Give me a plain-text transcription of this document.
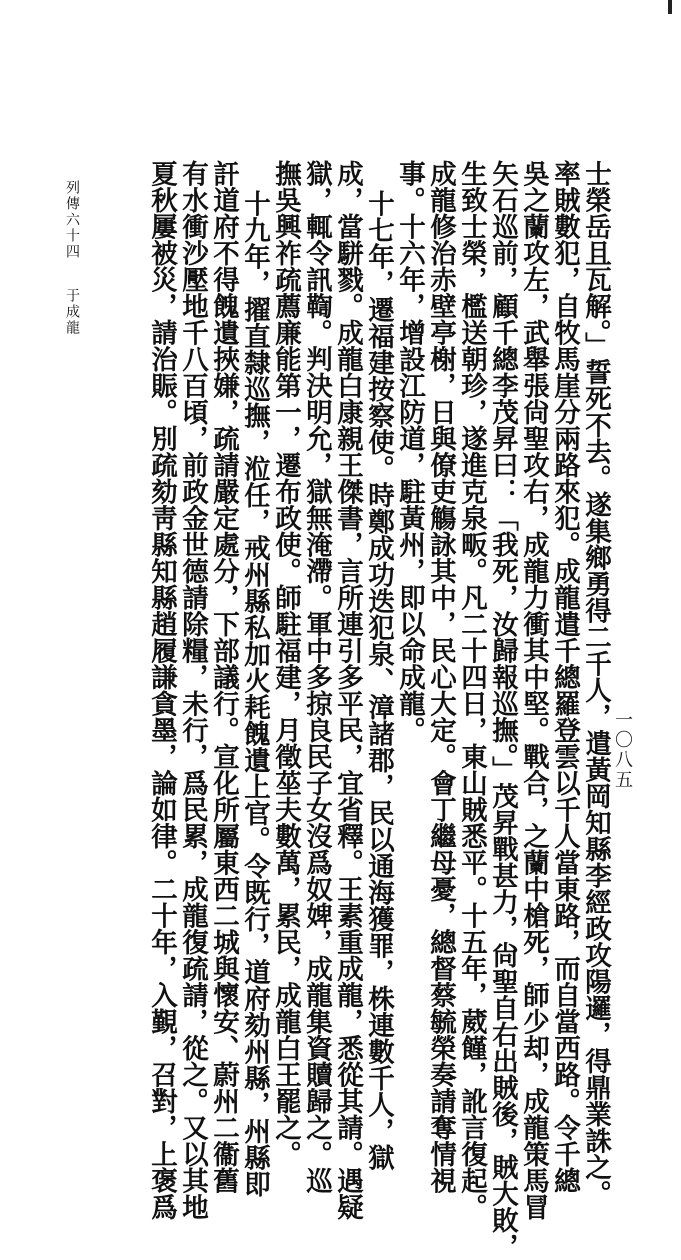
列傳六十四于成龍	士榮岳且瓦解。」誓死不去。遂集鄉勇得二千人，遣黃岡知縣李經政攻陽邏，得鼎業誅之。
率賊數犯，自牧馬崖分兩路來犯。成龍遣千總羅登雲以千人當東路，而自當西路。令千總
吳之蘭攻左，武舉張尙聖攻右，成龍力衝其中堅。戰合，之蘭中槍死，師少却，成龍策馬冒
矢石巡前，顧千總李茂昇曰：「我死，汝歸報巡撫。」茂昇戰甚力，尙聖自右出賊後，賊大敗，
生致士榮，檻送朝珍，遂進克泉畈。凡二十四日，東山賊悉平。十五年，葳饉，訛言復起。
成龍修治赤壁亭榭，日與僚吏觴詠其中，民心大定。會丁繼母憂，總督蔡毓榮奏請奪情視
事。十六年，增設江防道，駐黃州，即以命成龍。
十七年，遷福建按察使。時鄭成功迭犯泉、漳諸郡，民以通海獲罪，株連數千人，獄
成，當駢戮。成龍白康親王傑書，言所連引多平民，宜省釋。王素重成龍，悉從其請。遇疑
獄，輒令訊鞫。判決明允，獄無淹滯。軍中多掠良民子女沒爲奴婢，成龍集資贖歸之。巡
撫吳興祚疏薦廉能第一，遷布政使。師駐福建，月徵莝夫數萬，累民，成龍白王罷之。
十九年，擢直隸巡撫，涖任，戒州縣私加火耗餽遺上官。令既行，道府劾州縣，州縣即
訐道府不得餽遺挾嫌，疏請嚴定處分，下部議行。宣化所屬東西二城與懷安、蔚州二衞舊
有水衝沙壓地千八百頃，前政金世德請除糧，未行，爲民累，成龍復疏請，從之。又以其地
夏秋屢被災，請治賑。別疏劾靑縣知縣趙履謙貪墨，論如律。二十年，入覲，召對，上褒爲	一〇八五
